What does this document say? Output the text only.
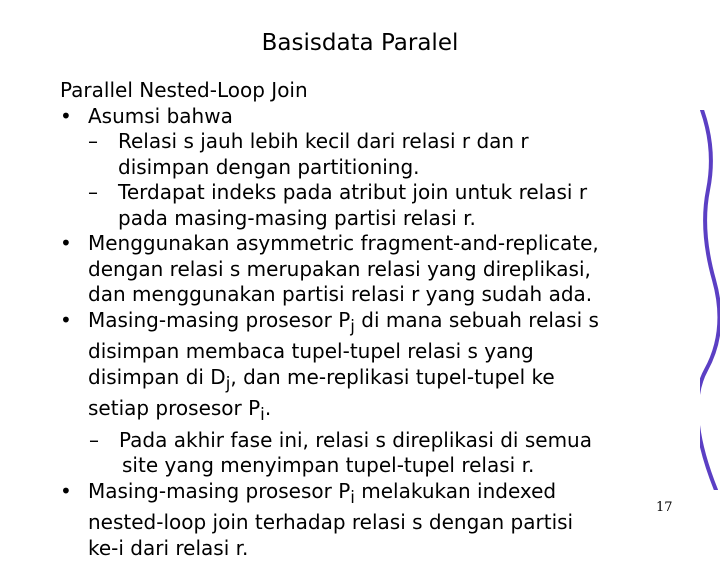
Basisdata Paralel
Parallel Nested-Loop Join
• Asumsi bahwa
– Relasi s jauh lebih kecil dari relasi r dan r
disimpan dengan partitioning.
– Terdapat indeks pada atribut join untuk relasi r
pada masing-masing partisi relasi r.
• Menggunakan asymmetric fragment-and-replicate,
dengan relasi s merupakan relasi yang direplikasi,
dan menggunakan partisi relasi r yang sudah ada.
• Masing-masing prosesor $P_j$ di mana sebuah relasi s
disimpan membaca tupel-tupel relasi s yang
disimpan di $D_j$, dan me-replikasi tupel-tupel ke
setiap prosesor $P_i$.
– Pada akhir fase ini, relasi s direplikasi di semua
site yang menyimpan tupel-tupel relasi r.
• Masing-masing prosesor $P_i$ melakukan indexed
nested-loop join terhadap relasi s dengan partisi
ke-i dari relasi r.
17
